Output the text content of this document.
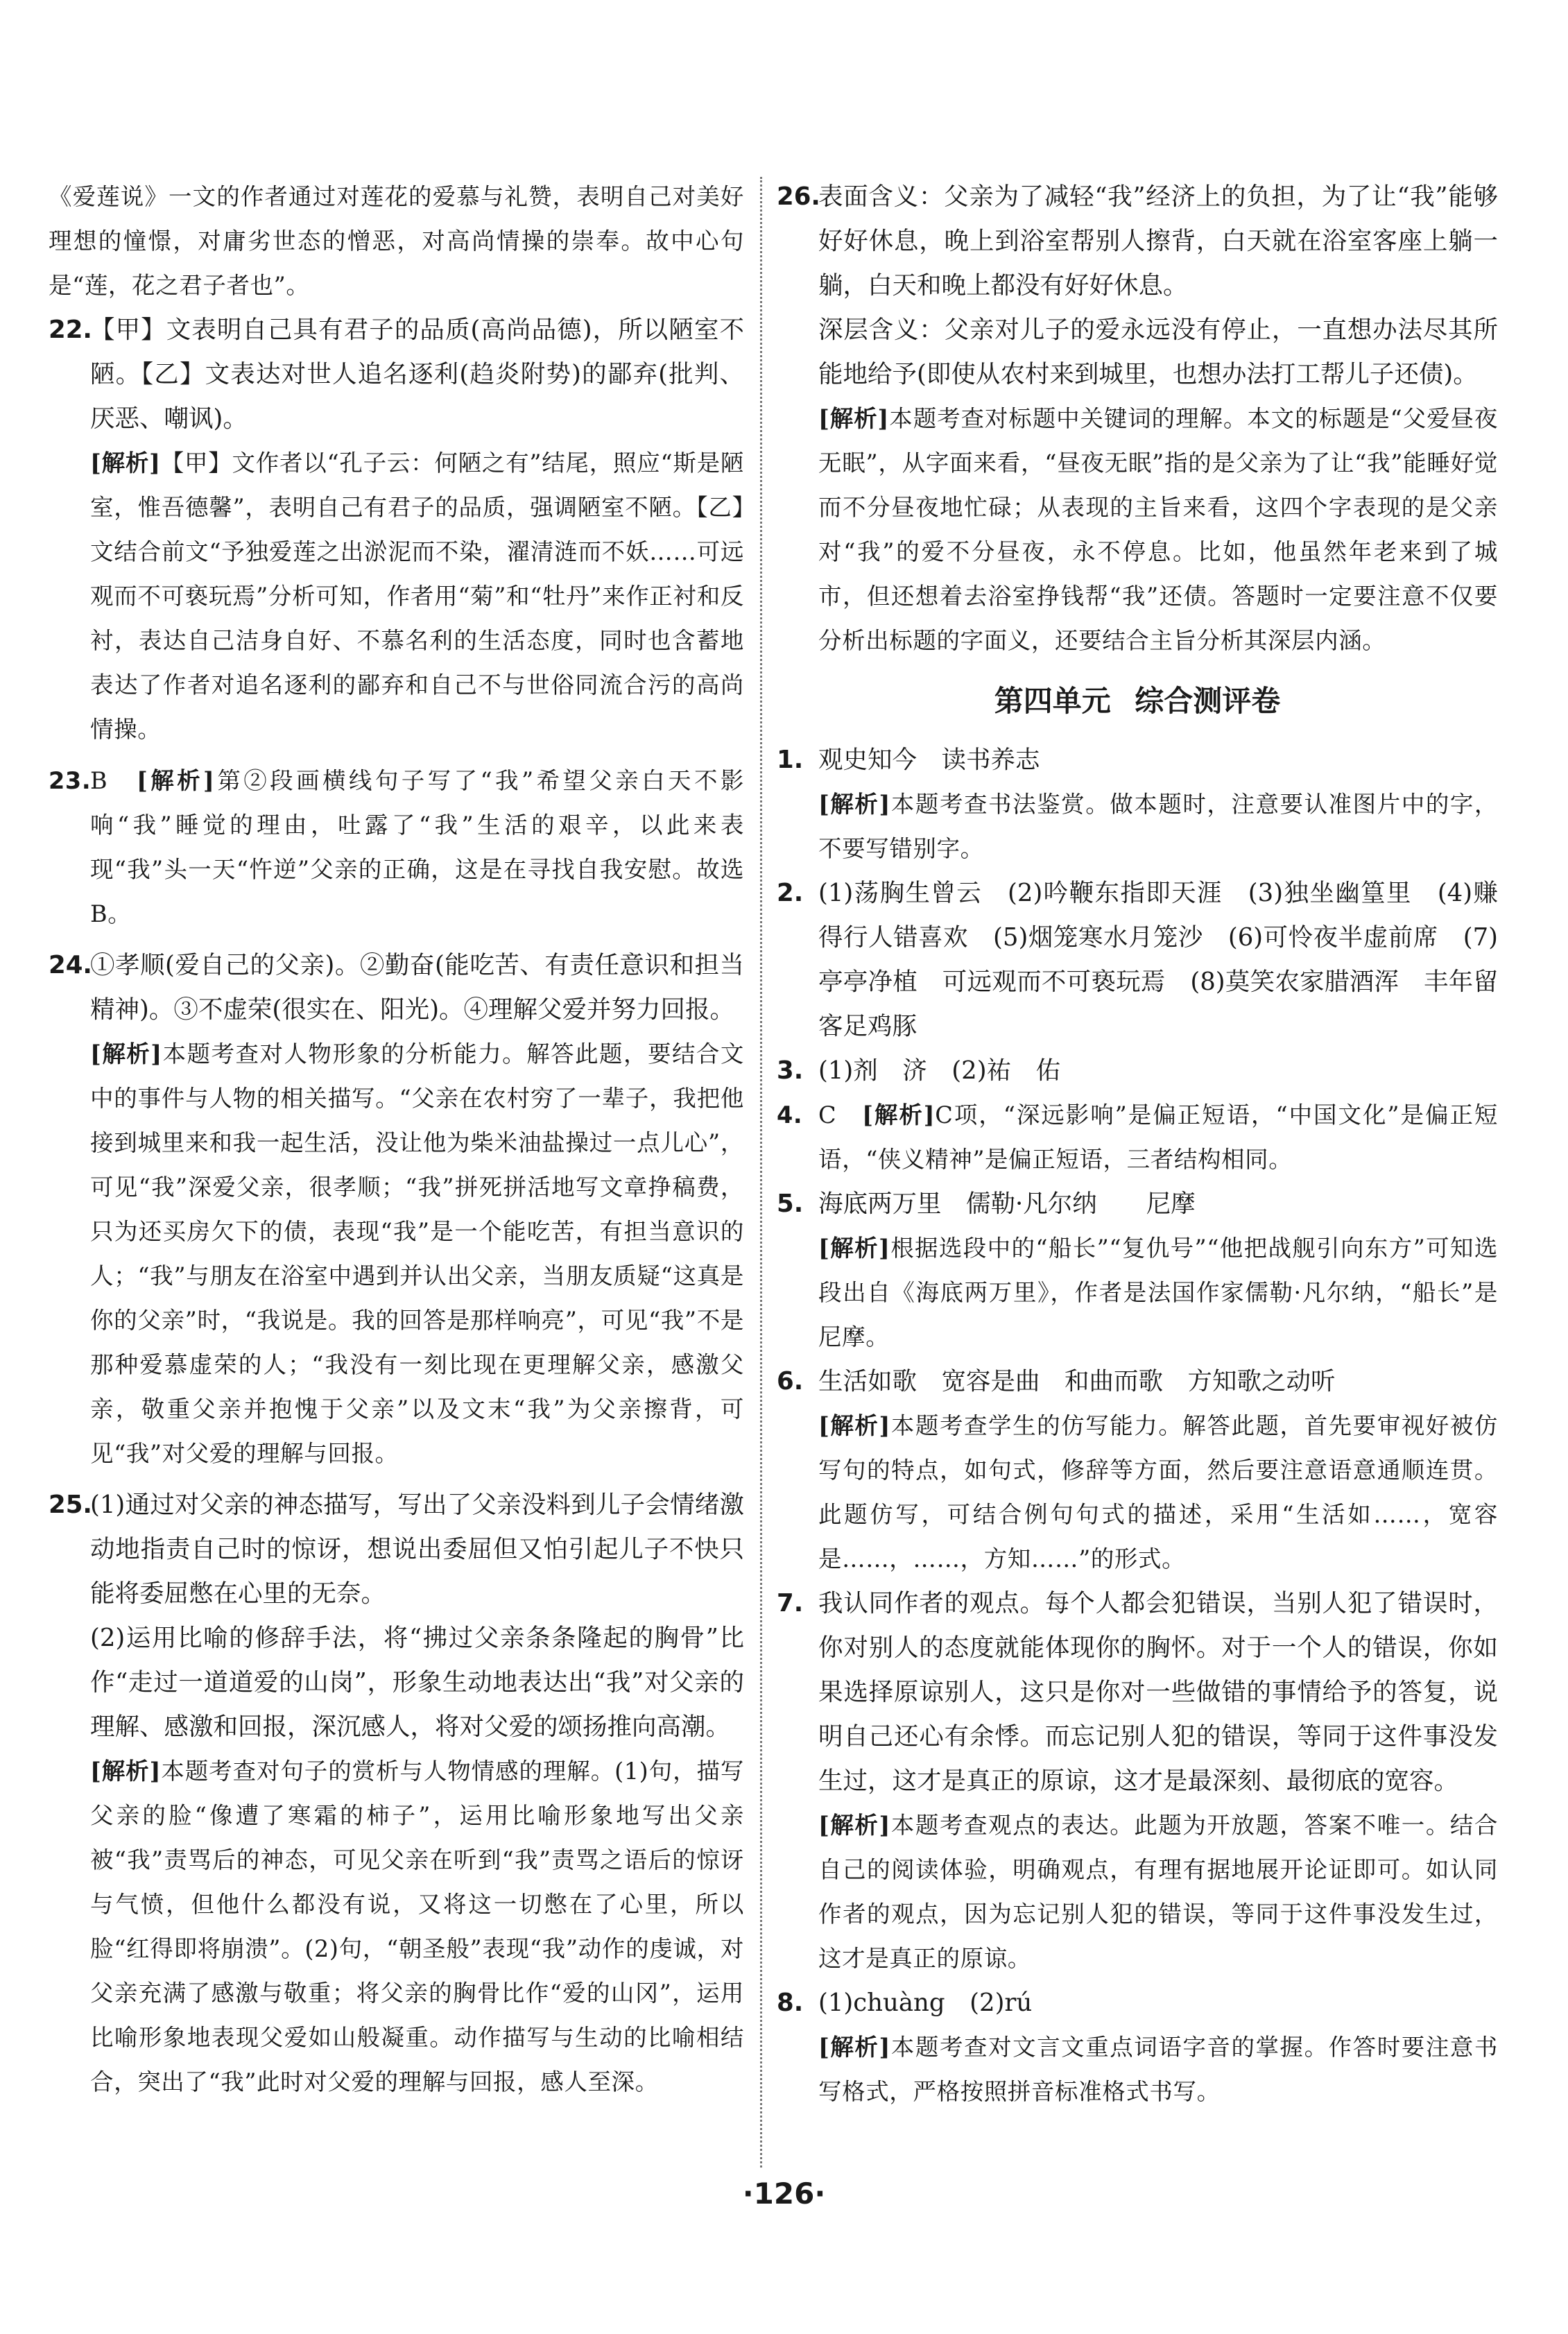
《爱莲说》一文的作者通过对莲花的爱慕与礼赞，表明自己对美好理想的憧憬，对庸劣世态的憎恶，对高尚情操的崇奉。故中心句是“莲，花之君子者也”。

22.
【甲】文表明自己具有君子的品质(高尚品德)，所以陋室不陋。【乙】文表达对世人追名逐利(趋炎附势)的鄙弃(批判、厌恶、嘲讽)。

[解析]【甲】文作者以“孔子云：何陋之有”结尾，照应“斯是陋室，惟吾德馨”，表明自己有君子的品质，强调陋室不陋。【乙】文结合前文“予独爱莲之出淤泥而不染，濯清涟而不妖……可远观而不可亵玩焉”分析可知，作者用“菊”和“牡丹”来作正衬和反衬，表达自己洁身自好、不慕名利的生活态度，同时也含蓄地表达了作者对追名逐利的鄙弃和自己不与世俗同流合污的高尚情操。

23.
B　 [解析]第②段画横线句子写了“我”希望父亲白天不影响“我”睡觉的理由，吐露了“我”生活的艰辛，以此来表现“我”头一天“忤逆”父亲的正确，这是在寻找自我安慰。故选B。

24.
①孝顺(爱自己的父亲)。②勤奋(能吃苦、有责任意识和担当精神)。③不虚荣(很实在、阳光)。④理解父爱并努力回报。

[解析]本题考查对人物形象的分析能力。解答此题，要结合文中的事件与人物的相关描写。“父亲在农村穷了一辈子，我把他接到城里来和我一起生活，没让他为柴米油盐操过一点儿心”，可见“我”深爱父亲，很孝顺；“我”拼死拼活地写文章挣稿费，只为还买房欠下的债，表现“我”是一个能吃苦，有担当意识的人；“我”与朋友在浴室中遇到并认出父亲，当朋友质疑“这真是你的父亲”时，“我说是。我的回答是那样响亮”，可见“我”不是那种爱慕虚荣的人；“我没有一刻比现在更理解父亲，感激父亲，敬重父亲并抱愧于父亲”以及文末“我”为父亲擦背，可见“我”对父爱的理解与回报。

25.
(1)通过对父亲的神态描写，写出了父亲没料到儿子会情绪激动地指责自己时的惊讶，想说出委屈但又怕引起儿子不快只能将委屈憋在心里的无奈。

(2)运用比喻的修辞手法，将“拂过父亲条条隆起的胸骨”比作“走过一道道爱的山岗”，形象生动地表达出“我”对父亲的理解、感激和回报，深沉感人，将对父爱的颂扬推向高潮。

[解析]本题考查对句子的赏析与人物情感的理解。(1)句，描写父亲的脸“像遭了寒霜的柿子”，运用比喻形象地写出父亲被“我”责骂后的神态，可见父亲在听到“我”责骂之语后的惊讶与气愤，但他什么都没有说，又将这一切憋在了心里，所以脸“红得即将崩溃”。(2)句，“朝圣般”表现“我”动作的虔诚，对父亲充满了感激与敬重；将父亲的胸骨比作“爱的山冈”，运用比喻形象地表现父爱如山般凝重。动作描写与生动的比喻相结合，突出了“我”此时对父爱的理解与回报，感人至深。

26.
表面含义：父亲为了减轻“我”经济上的负担，为了让“我”能够好好休息，晚上到浴室帮别人擦背，白天就在浴室客座上躺一躺，白天和晚上都没有好好休息。

深层含义：父亲对儿子的爱永远没有停止，一直想办法尽其所能地给予(即使从农村来到城里，也想办法打工帮儿子还债)。

[解析]本题考查对标题中关键词的理解。本文的标题是“父爱昼夜无眠”，从字面来看，“昼夜无眠”指的是父亲为了让“我”能睡好觉而不分昼夜地忙碌；从表现的主旨来看，这四个字表现的是父亲对“我”的爱不分昼夜，永不停息。比如，他虽然年老来到了城市，但还想着去浴室挣钱帮“我”还债。答题时一定要注意不仅要分析出标题的字面义，还要结合主旨分析其深层内涵。

第四单元 综合测评卷

1. 观史知今　读书养志

[解析]本题考查书法鉴赏。做本题时，注意要认准图片中的字，不要写错别字。

2. (1)荡胸生曾云　(2)吟鞭东指即天涯　(3)独坐幽篁里　(4)赚得行人错喜欢　(5)烟笼寒水月笼沙　(6)可怜夜半虚前席　(7)亭亭净植　可远观而不可亵玩焉　(8)莫笑农家腊酒浑　丰年留客足鸡豚

3. (1)剂　济　(2)祐　佑

4. C　 [解析]C项，“深远影响”是偏正短语，“中国文化”是偏正短语，“侠义精神”是偏正短语，三者结构相同。

5. 海底两万里　儒勒·凡尔纳　　尼摩

[解析]根据选段中的“船长”“复仇号”“他把战舰引向东方”可知选段出自《海底两万里》，作者是法国作家儒勒·凡尔纳，“船长”是尼摩。

6. 生活如歌　宽容是曲　和曲而歌　方知歌之动听

[解析]本题考查学生的仿写能力。解答此题，首先要审视好被仿写句的特点，如句式，修辞等方面，然后要注意语意通顺连贯。此题仿写，可结合例句句式的描述，采用“生活如……，宽容是……，……，方知……”的形式。

7. 我认同作者的观点。每个人都会犯错误，当别人犯了错误时，你对别人的态度就能体现你的胸怀。对于一个人的错误，你如果选择原谅别人，这只是你对一些做错的事情给予的答复，说明自己还心有余悸。而忘记别人犯的错误，等同于这件事没发生过，这才是真正的原谅，这才是最深刻、最彻底的宽容。

[解析]本题考查观点的表达。此题为开放题，答案不唯一。结合自己的阅读体验，明确观点，有理有据地展开论证即可。如认同作者的观点，因为忘记别人犯的错误，等同于这件事没发生过，这才是真正的原谅。

8. (1)chuàng　(2)rú

[解析]本题考查对文言文重点词语字音的掌握。作答时要注意书写格式，严格按照拼音标准格式书写。

·126·
